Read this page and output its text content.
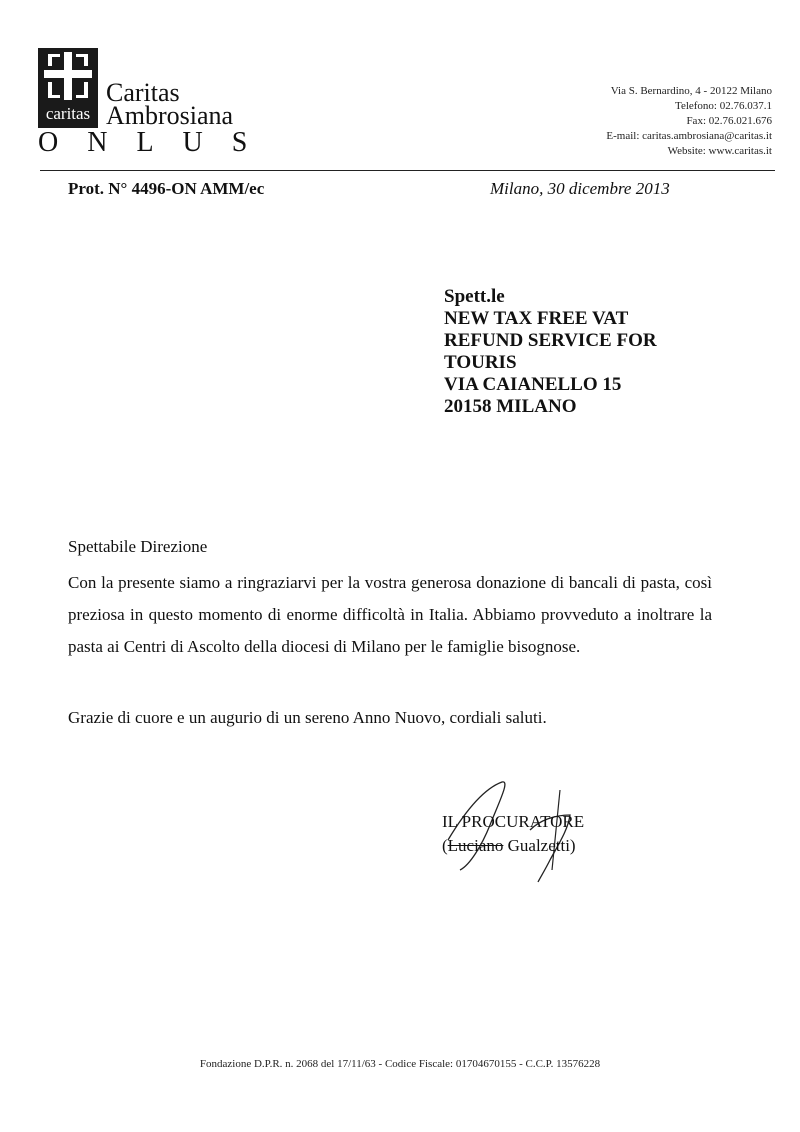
caritas
Caritas
Ambrosiana
ONLUS
Via S. Bernardino, 4 - 20122 Milano
Telefono: 02.76.037.1
Fax: 02.76.021.676
E-mail: caritas.ambrosiana@caritas.it
Website: www.caritas.it
Prot. N° 4496-ON AMM/ec	Milano, 30 dicembre 2013
Spett.le
NEW TAX FREE VAT
REFUND SERVICE FOR
TOURIS
VIA CAIANELLO 15
20158 MILANO
Spettabile Direzione
Con la presente siamo a ringraziarvi per la vostra generosa donazione di bancali di pasta, così preziosa in questo momento di enorme difficoltà in Italia. Abbiamo provveduto a inoltrare la pasta ai Centri di Ascolto della diocesi di Milano per le famiglie bisognose.
Grazie di cuore e un augurio di un sereno Anno Nuovo, cordiali saluti.
IL PROCURATORE
(Luciano Gualzetti)
Fondazione D.P.R. n. 2068 del 17/11/63 - Codice Fiscale: 01704670155 - C.C.P. 13576228
